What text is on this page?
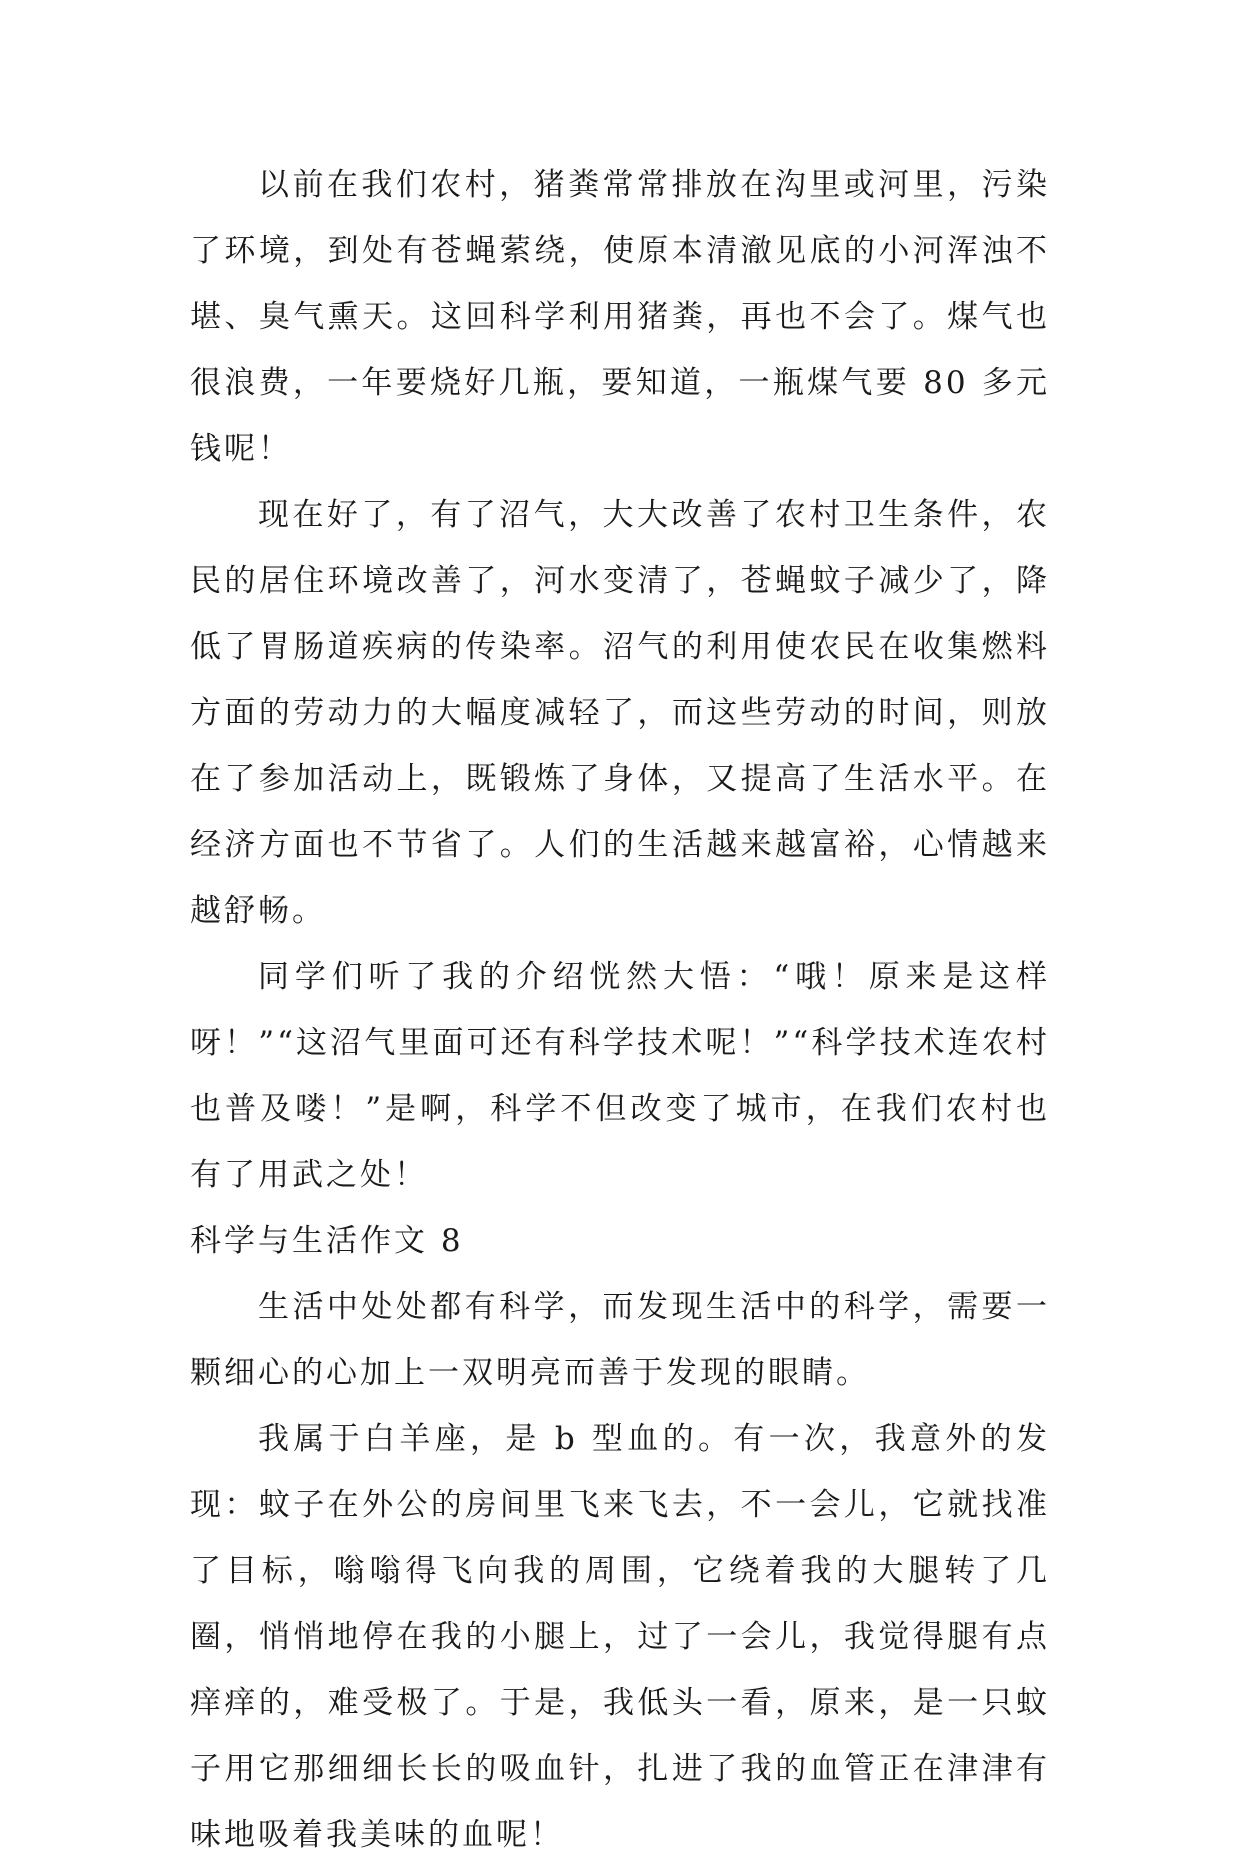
以前在我们农村，猪粪常常排放在沟里或河里，污染了环境，到处有苍蝇萦绕，使原本清澈见底的小河浑浊不堪、臭气熏天。这回科学利用猪粪，再也不会了。煤气也很浪费，一年要烧好几瓶，要知道，一瓶煤气要 80 多元钱呢！

现在好了，有了沼气，大大改善了农村卫生条件，农民的居住环境改善了，河水变清了，苍蝇蚊子减少了，降低了胃肠道疾病的传染率。沼气的利用使农民在收集燃料方面的劳动力的大幅度减轻了，而这些劳动的时间，则放在了参加活动上，既锻炼了身体，又提高了生活水平。在经济方面也不节省了。人们的生活越来越富裕，心情越来越舒畅。

同学们听了我的介绍恍然大悟：“哦！原来是这样呀！”“这沼气里面可还有科学技术呢！”“科学技术连农村也普及喽！”是啊，科学不但改变了城市，在我们农村也有了用武之处！

科学与生活作文 8

生活中处处都有科学，而发现生活中的科学，需要一颗细心的心加上一双明亮而善于发现的眼睛。

我属于白羊座，是 b 型血的。有一次，我意外的发现：蚊子在外公的房间里飞来飞去，不一会儿，它就找准了目标，嗡嗡得飞向我的周围，它绕着我的大腿转了几圈，悄悄地停在我的小腿上，过了一会儿，我觉得腿有点痒痒的，难受极了。于是，我低头一看，原来，是一只蚊子用它那细细长长的吸血针，扎进了我的血管正在津津有味地吸着我美味的血呢！
